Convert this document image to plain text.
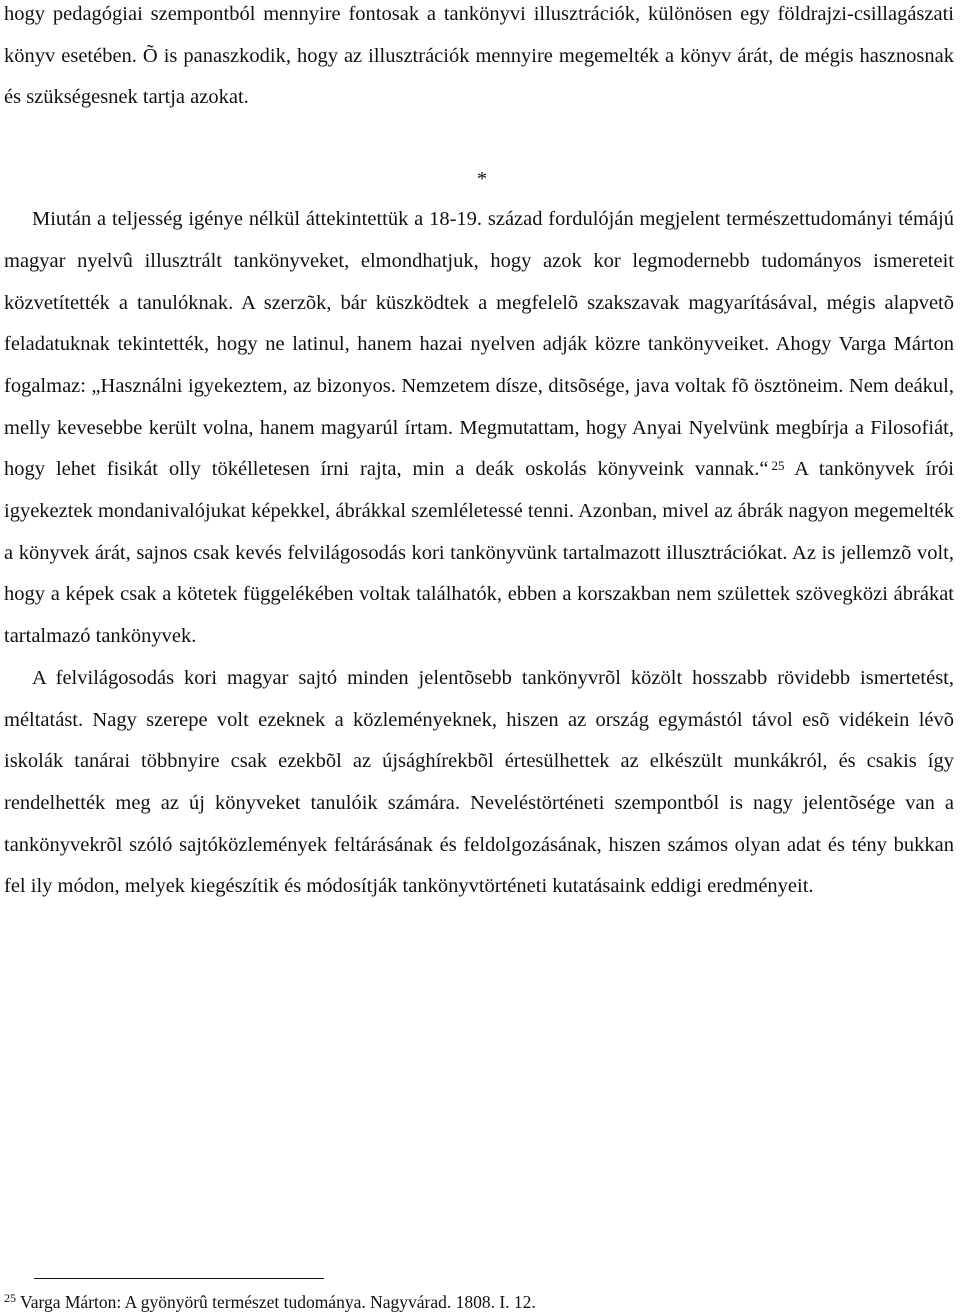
hogy pedagógiai szempontból mennyire fontosak a tankönyvi illusztrációk, különösen egy földrajzi-csillagászati könyv esetében. Õ is panaszkodik, hogy az illusztrációk mennyire megemelték a könyv árát, de mégis hasznosnak és szükségesnek tartja azokat.

*

Miután a teljesség igénye nélkül áttekintettük a 18-19. század fordulóján megjelent természettudományi témájú magyar nyelvû illusztrált tankönyveket, elmondhatjuk, hogy azok kor legmodernebb tudományos ismereteit közvetítették a tanulóknak. A szerzõk, bár küszködtek a megfelelõ szakszavak magyarításával, mégis alapvetõ feladatuknak tekintették, hogy ne latinul, hanem hazai nyelven adják közre tankönyveiket. Ahogy Varga Márton fogalmaz: „Használni igyekeztem, az bizonyos. Nemzetem dísze, ditsõsége, java voltak fõ ösztöneim. Nem deákul, melly kevesebbe került volna, hanem magyarúl írtam. Megmutattam, hogy Anyai Nyelvünk megbírja a Filosofiát, hogy lehet fisikát olly tökélletesen írni rajta, min a deák oskolás könyveink vannak.“ $^{25}$ A tankönyvek írói igyekeztek mondanivalójukat képekkel, ábrákkal szemléletessé tenni. Azonban, mivel az ábrák nagyon megemelték a könyvek árát, sajnos csak kevés felvilágosodás kori tankönyvünk tartalmazott illusztrációkat. Az is jellemzõ volt, hogy a képek csak a kötetek függelékében voltak találhatók, ebben a korszakban nem születtek szövegközi ábrákat tartalmazó tankönyvek.

A felvilágosodás kori magyar sajtó minden jelentõsebb tankönyvrõl közölt hosszabb rövidebb ismertetést, méltatást. Nagy szerepe volt ezeknek a közleményeknek, hiszen az ország egymástól távol esõ vidékein lévõ iskolák tanárai többnyire csak ezekbõl az újsághírekbõl értesülhettek az elkészült munkákról, és csakis így rendelhették meg az új könyveket tanulóik számára. Neveléstörténeti szempontból is nagy jelentõsége van a tankönyvekrõl szóló sajtóközlemények feltárásának és feldolgozásának, hiszen számos olyan adat és tény bukkan fel ily módon, melyek kiegészítik és módosítják tankönyvtörténeti kutatásaink eddigi eredményeit.

$^{25}$ Varga Márton: A gyönyörû természet tudománya. Nagyvárad. 1808. I. 12.
